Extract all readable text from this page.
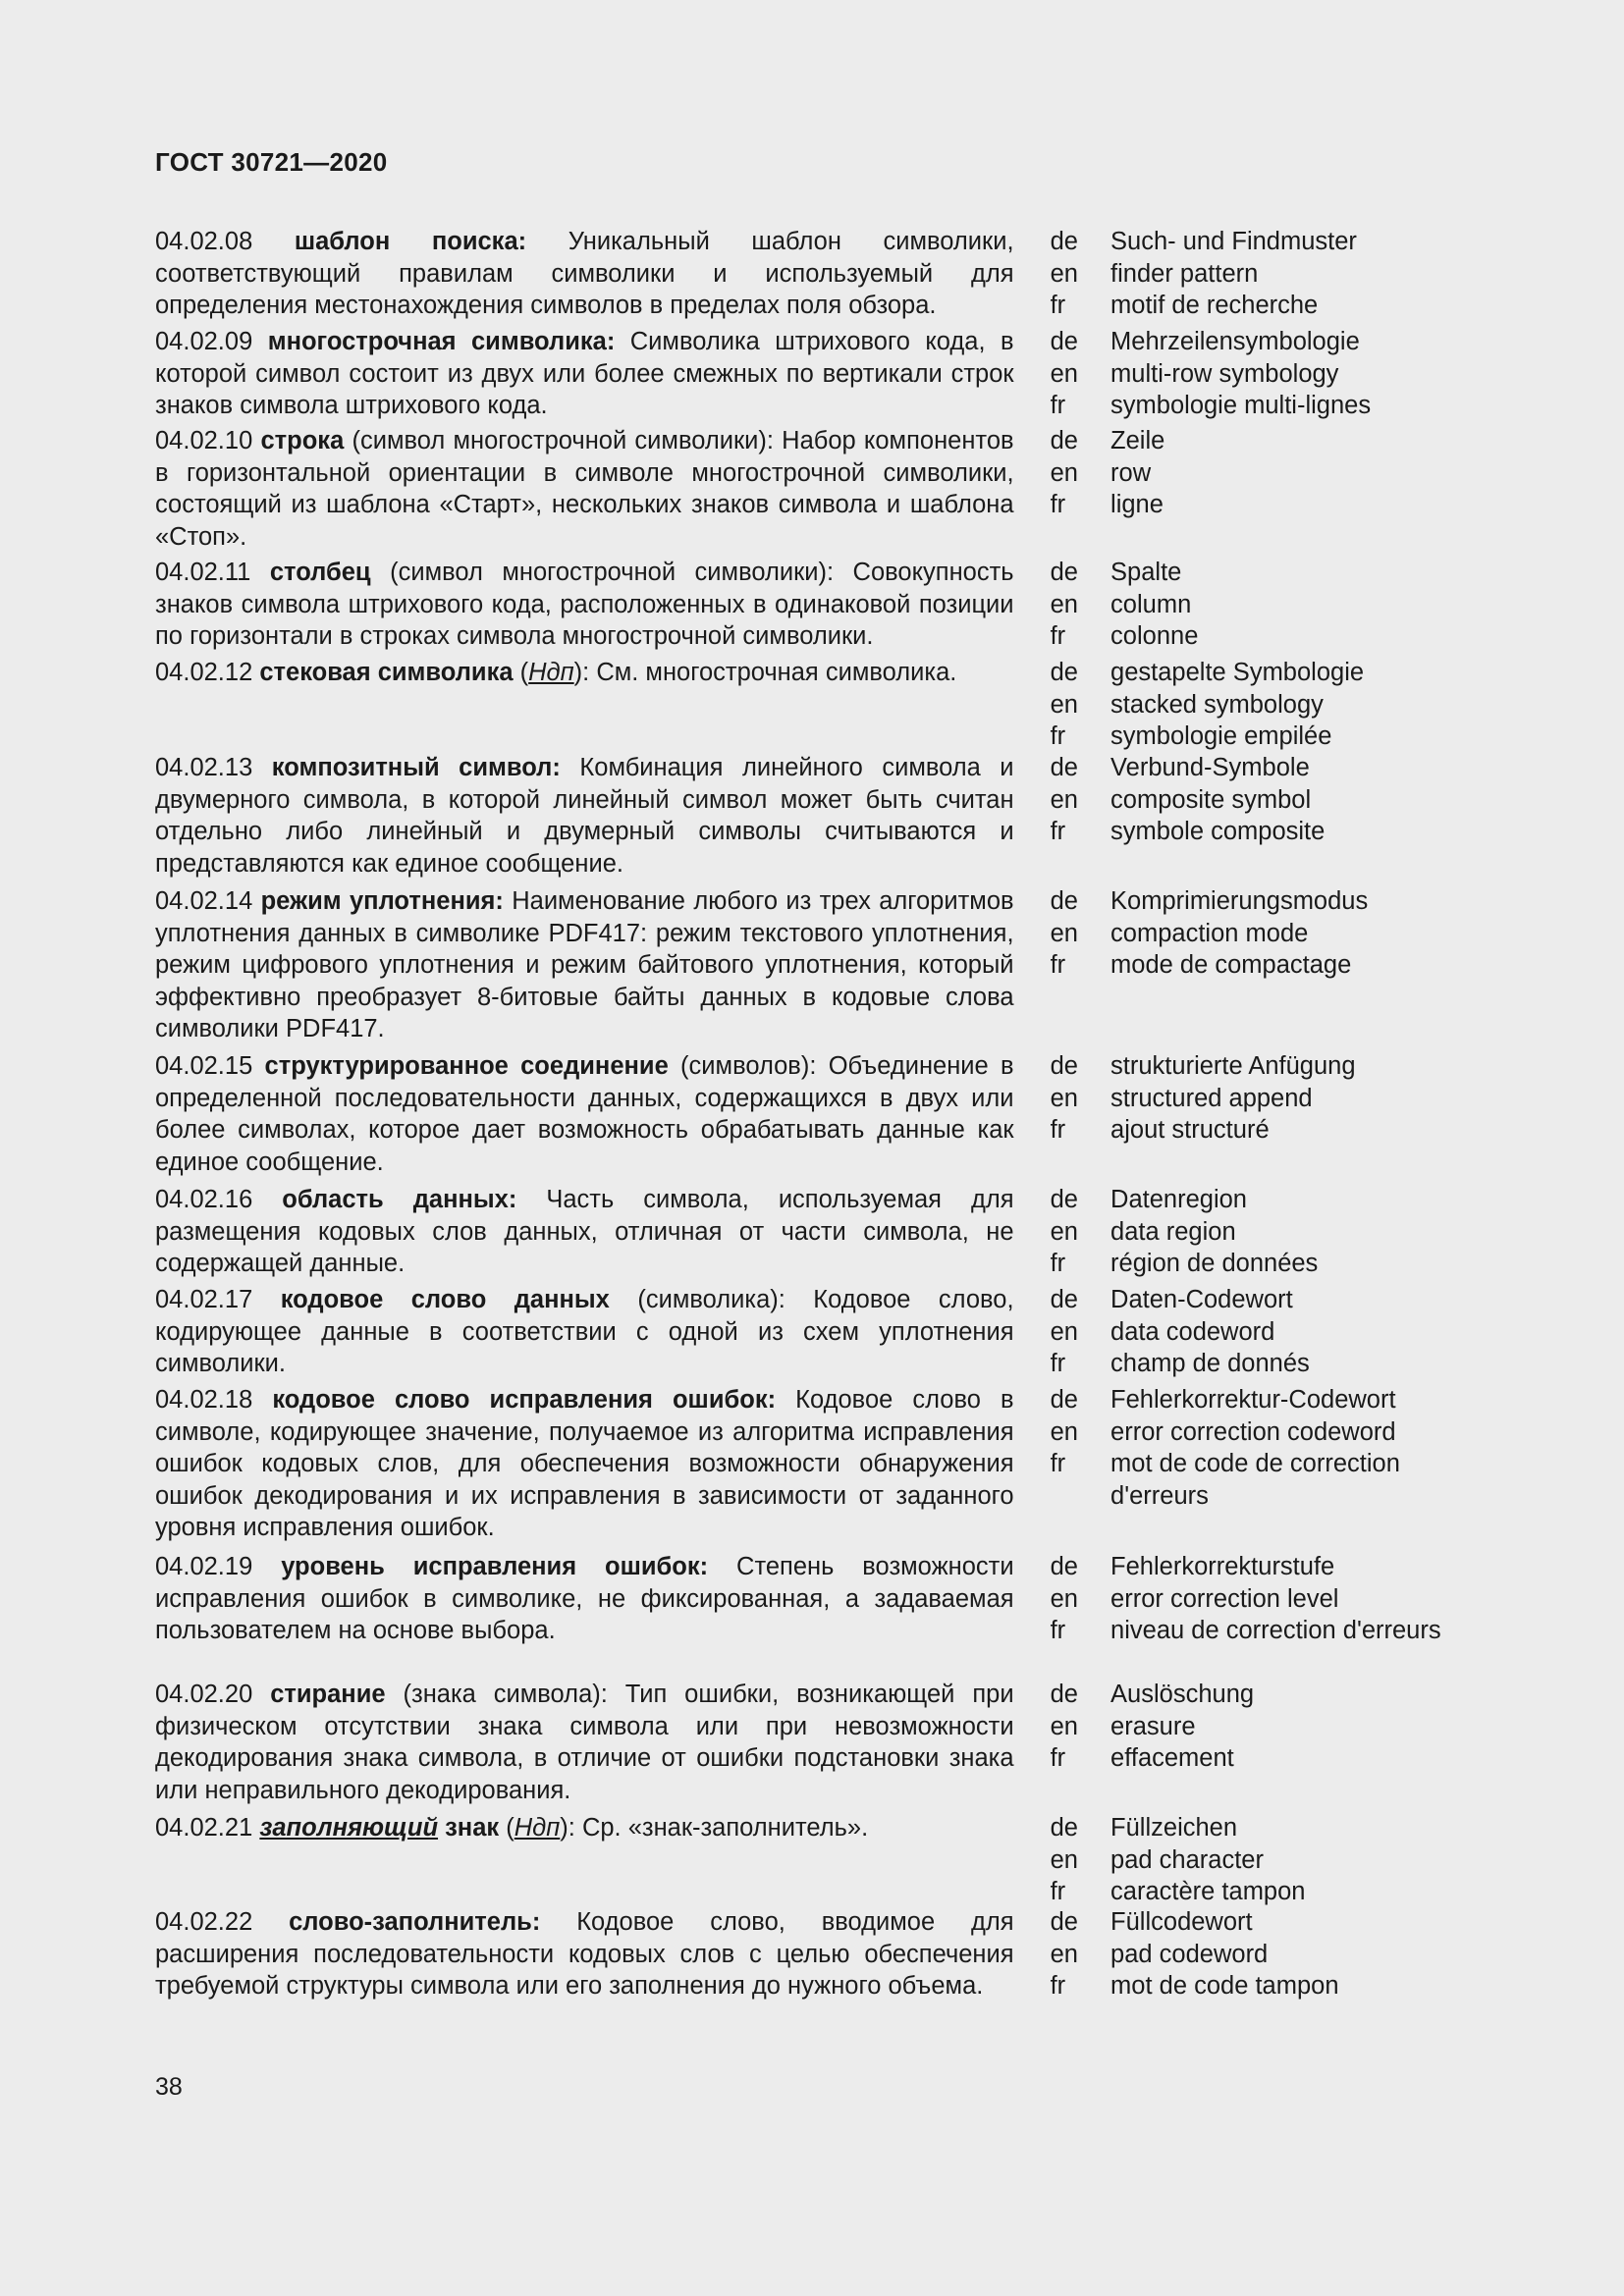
ГОСТ 30721—2020
04.02.08 шаблон поиска: Уникальный шаблон символики, соответствующий правилам символики и используемый для определения местонахождения символов в пределах поля обзора.
de
en
fr
Such- und Findmuster
finder pattern
motif de recherche
04.02.09 многострочная символика: Символика штрихового кода, в которой символ состоит из двух или более смежных по вертикали строк знаков символа штрихового кода.
de
en
fr
Mehrzeilensymbologie
multi-row symbology
symbologie multi-lignes
04.02.10 строка (символ многострочной символики): Набор компонентов в горизонтальной ориентации в символе многострочной символики, состоящий из шаблона «Старт», нескольких знаков символа и шаблона «Стоп».
de
en
fr
Zeile
row
ligne
04.02.11 столбец (символ многострочной символики): Совокупность знаков символа штрихового кода, расположенных в одинаковой позиции по горизонтали в строках символа многострочной символики.
de
en
fr
Spalte
column
colonne
04.02.12 стековая символика (Ндп): См. многострочная символика.	de
en
fr
gestapelte Symbologie
stacked symbology
symbologie empilée
04.02.13 композитный символ: Комбинация линейного символа и двумерного символа, в которой линейный символ может быть считан отдельно либо линейный и двумерный символы считываются и представляются как единое сообщение.
de
en
fr
Verbund-Symbole
composite symbol
symbole composite
04.02.14 режим уплотнения: Наименование любого из трех алгоритмов уплотнения данных в символике PDF417: режим текстового уплотнения, режим цифрового уплотнения и режим байтового уплотнения, который эффективно преобразует 8-битовые байты данных в кодовые слова символики PDF417.
de
en
fr
Komprimierungsmodus
compaction mode
mode de compactage
04.02.15 структурированное соединение (символов): Объединение в определенной последовательности данных, содержащихся в двух или более символах, которое дает возможность обрабатывать данные как единое сообщение.
de
en
fr
strukturierte Anfügung
structured append
ajout structuré
04.02.16 область данных: Часть символа, используемая для размещения кодовых слов данных, отличная от части символа, не содержащей данные.
de
en
fr
Datenregion
data region
région de données
04.02.17 кодовое слово данных (символика): Кодовое слово, кодирующее данные в соответствии с одной из схем уплотнения символики.
de
en
fr
Daten-Codewort
data codeword
champ de donnés
04.02.18 кодовое слово исправления ошибок: Кодовое слово в символе, кодирующее значение, получаемое из алгоритма исправления ошибок кодовых слов, для обеспечения возможности обнаружения ошибок декодирования и их исправления в зависимости от заданного уровня исправления ошибок.
de
en
fr
Fehlerkorrektur-Codewort
error correction codeword
mot de code de correction d'erreurs
04.02.19 уровень исправления ошибок: Степень возможности исправления ошибок в символике, не фиксированная, а задаваемая пользователем на основе выбора.
de
en
fr
Fehlerkorrekturstufe
error correction level
niveau de correction d'erreurs
04.02.20 стирание (знака символа): Тип ошибки, возникающей при физическом отсутствии знака символа или при невозможности декодирования знака символа, в отличие от ошибки подстановки знака или неправильного декодирования.
de
en
fr
Auslöschung
erasure
effacement
04.02.21 заполняющий знак (Ндп): Ср. «знак-заполнитель».	de
en
fr
Füllzeichen
pad character
caractère tampon
04.02.22 слово-заполнитель: Кодовое слово, вводимое для расширения последовательности кодовых слов с целью обеспечения требуемой структуры символа или его заполнения до нужного объема.
de
en
fr
Füllcodewort
pad codeword
mot de code tampon
38
